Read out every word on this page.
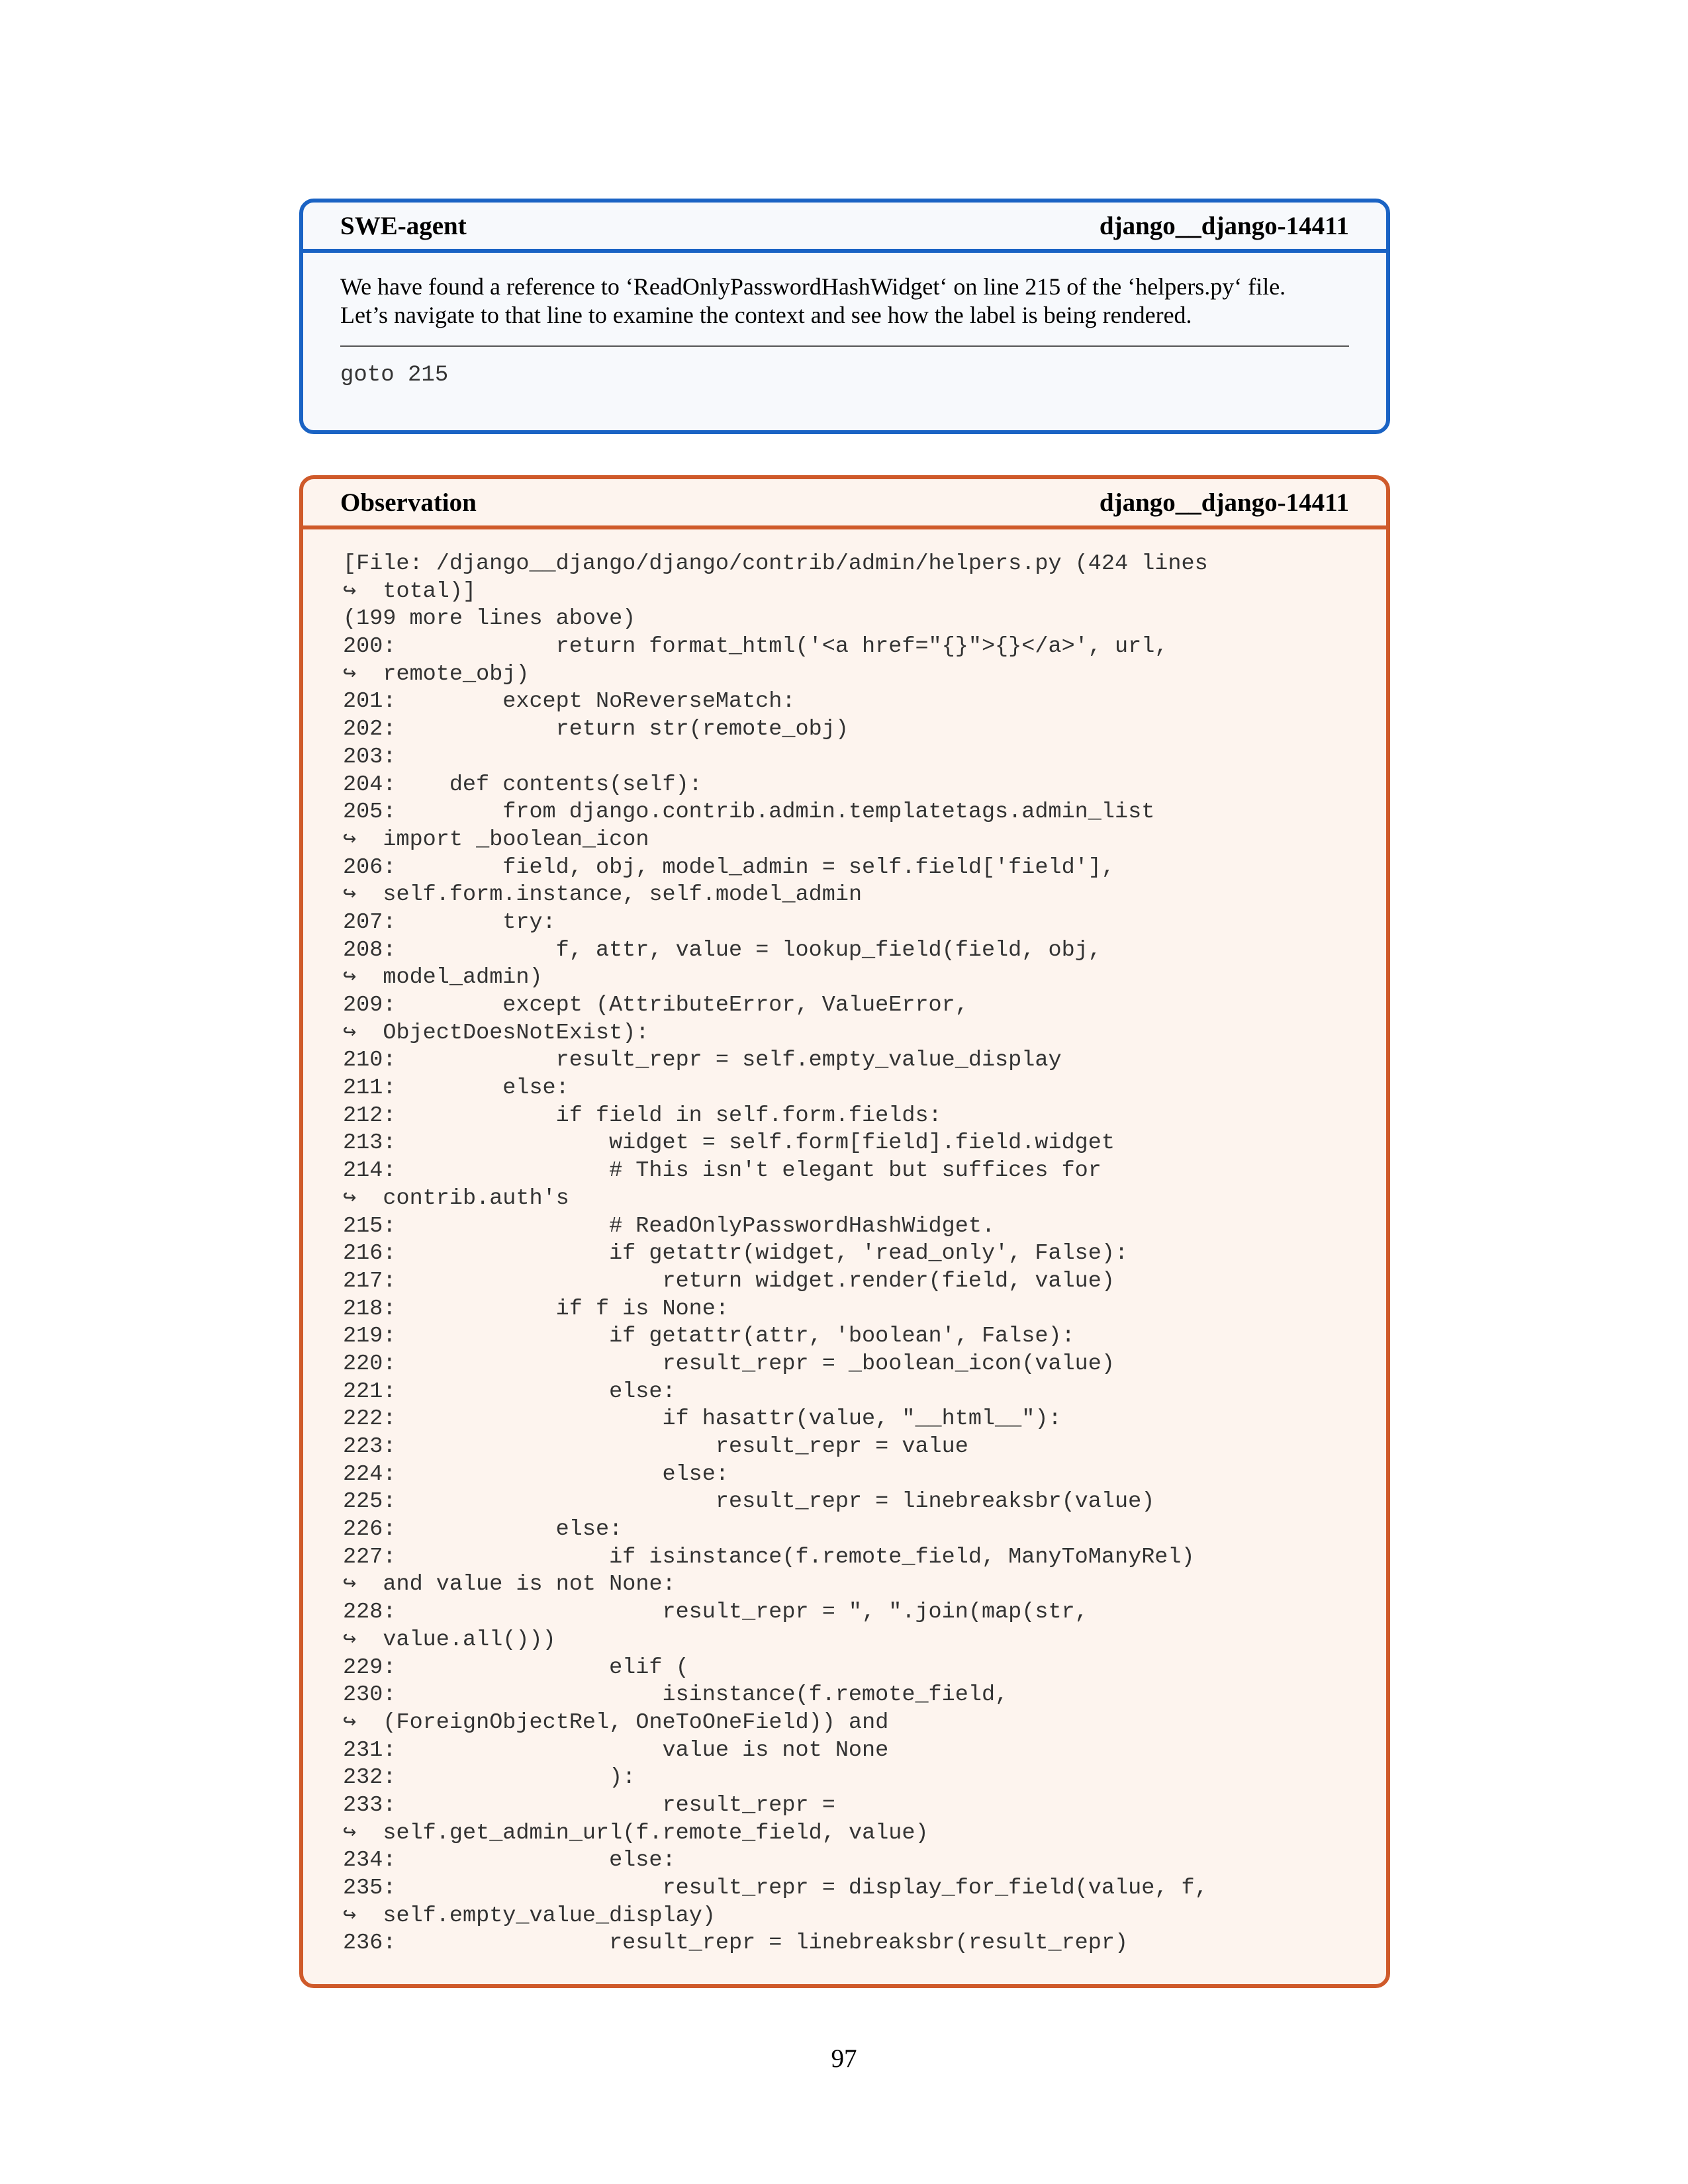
SWE-agent	django__django-14411

We have found a reference to ‘ReadOnlyPasswordHashWidget‘ on line 215 of the ‘helpers.py‘ file.
Let’s navigate to that line to examine the context and see how the label is being rendered.

goto 215
Observation	django__django-14411
[File: /django__django/django/contrib/admin/helpers.py (424 lines
↪  total)]
(199 more lines above)
200:            return format_html('<a href="{}">{}</a>', url,
↪  remote_obj)
201:        except NoReverseMatch:
202:            return str(remote_obj)
203:
204:    def contents(self):
205:        from django.contrib.admin.templatetags.admin_list
↪  import _boolean_icon
206:        field, obj, model_admin = self.field['field'],
↪  self.form.instance, self.model_admin
207:        try:
208:            f, attr, value = lookup_field(field, obj,
↪  model_admin)
209:        except (AttributeError, ValueError,
↪  ObjectDoesNotExist):
210:            result_repr = self.empty_value_display
211:        else:
212:            if field in self.form.fields:
213:                widget = self.form[field].field.widget
214:                # This isn't elegant but suffices for
↪  contrib.auth's
215:                # ReadOnlyPasswordHashWidget.
216:                if getattr(widget, 'read_only', False):
217:                    return widget.render(field, value)
218:            if f is None:
219:                if getattr(attr, 'boolean', False):
220:                    result_repr = _boolean_icon(value)
221:                else:
222:                    if hasattr(value, "__html__"):
223:                        result_repr = value
224:                    else:
225:                        result_repr = linebreaksbr(value)
226:            else:
227:                if isinstance(f.remote_field, ManyToManyRel)
↪  and value is not None:
228:                    result_repr = ", ".join(map(str,
↪  value.all()))
229:                elif (
230:                    isinstance(f.remote_field,
↪  (ForeignObjectRel, OneToOneField)) and
231:                    value is not None
232:                ):
233:                    result_repr =
↪  self.get_admin_url(f.remote_field, value)
234:                else:
235:                    result_repr = display_for_field(value, f,
↪  self.empty_value_display)
236:                result_repr = linebreaksbr(result_repr)
97
